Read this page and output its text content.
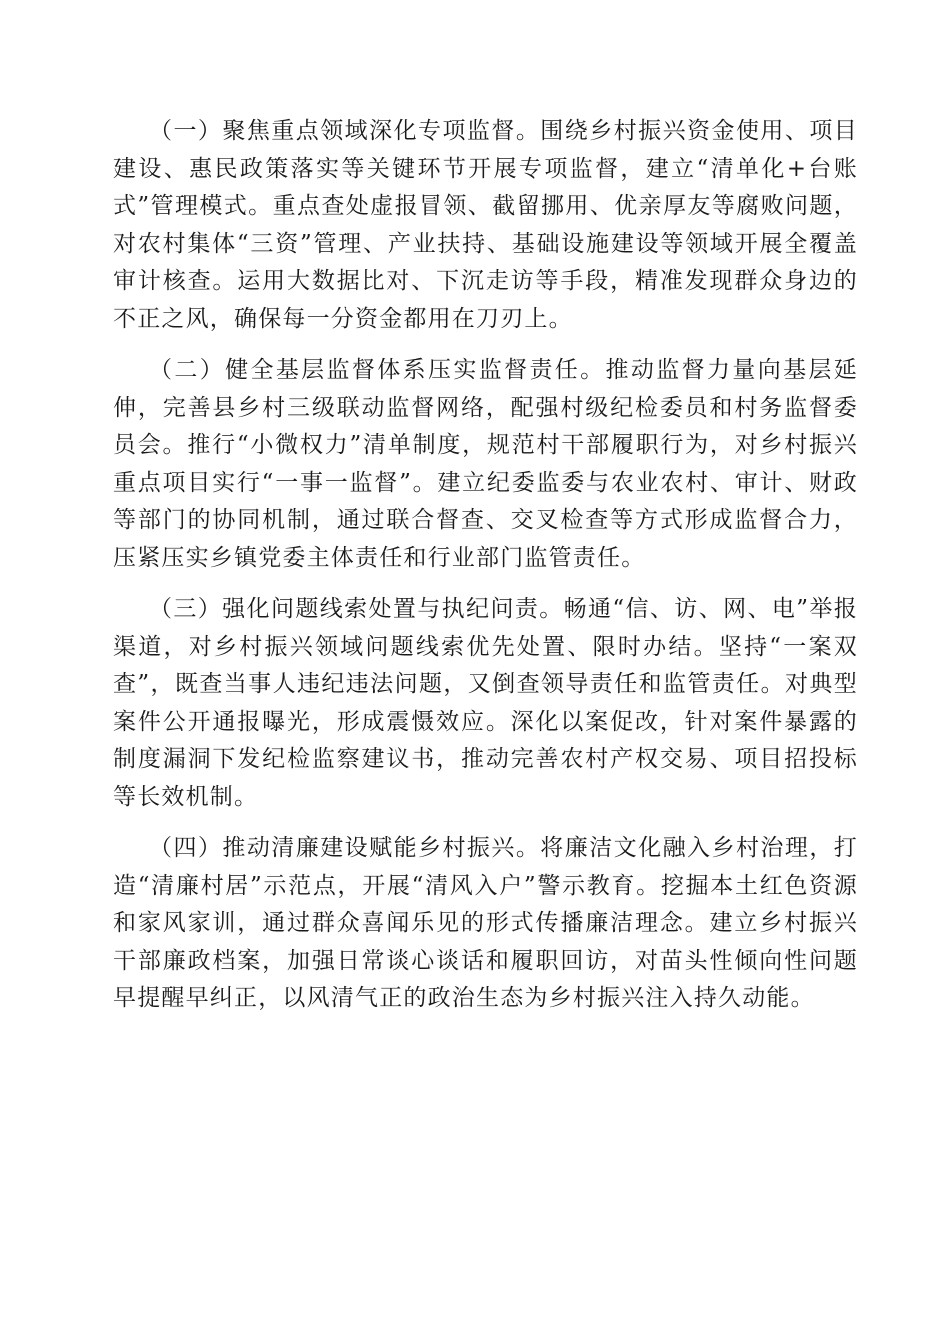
（一）聚焦重点领域深化专项监督。围绕乡村振兴资金使用、项目建设、惠民政策落实等关键环节开展专项监督，建立“清单化+台账式”管理模式。重点查处虚报冒领、截留挪用、优亲厚友等腐败问题，对农村集体“三资”管理、产业扶持、基础设施建设等领域开展全覆盖审计核查。运用大数据比对、下沉走访等手段，精准发现群众身边的不正之风，确保每一分资金都用在刀刃上。

（二）健全基层监督体系压实监督责任。推动监督力量向基层延伸，完善县乡村三级联动监督网络，配强村级纪检委员和村务监督委员会。推行“小微权力”清单制度，规范村干部履职行为，对乡村振兴重点项目实行“一事一监督”。建立纪委监委与农业农村、审计、财政等部门的协同机制，通过联合督查、交叉检查等方式形成监督合力，压紧压实乡镇党委主体责任和行业部门监管责任。

（三）强化问题线索处置与执纪问责。畅通“信、访、网、电”举报渠道，对乡村振兴领域问题线索优先处置、限时办结。坚持“一案双查”，既查当事人违纪违法问题，又倒查领导责任和监管责任。对典型案件公开通报曝光，形成震慑效应。深化以案促改，针对案件暴露的制度漏洞下发纪检监察建议书，推动完善农村产权交易、项目招投标等长效机制。

（四）推动清廉建设赋能乡村振兴。将廉洁文化融入乡村治理，打造“清廉村居”示范点，开展“清风入户”警示教育。挖掘本土红色资源和家风家训，通过群众喜闻乐见的形式传播廉洁理念。建立乡村振兴干部廉政档案，加强日常谈心谈话和履职回访，对苗头性倾向性问题早提醒早纠正，以风清气正的政治生态为乡村振兴注入持久动能。
